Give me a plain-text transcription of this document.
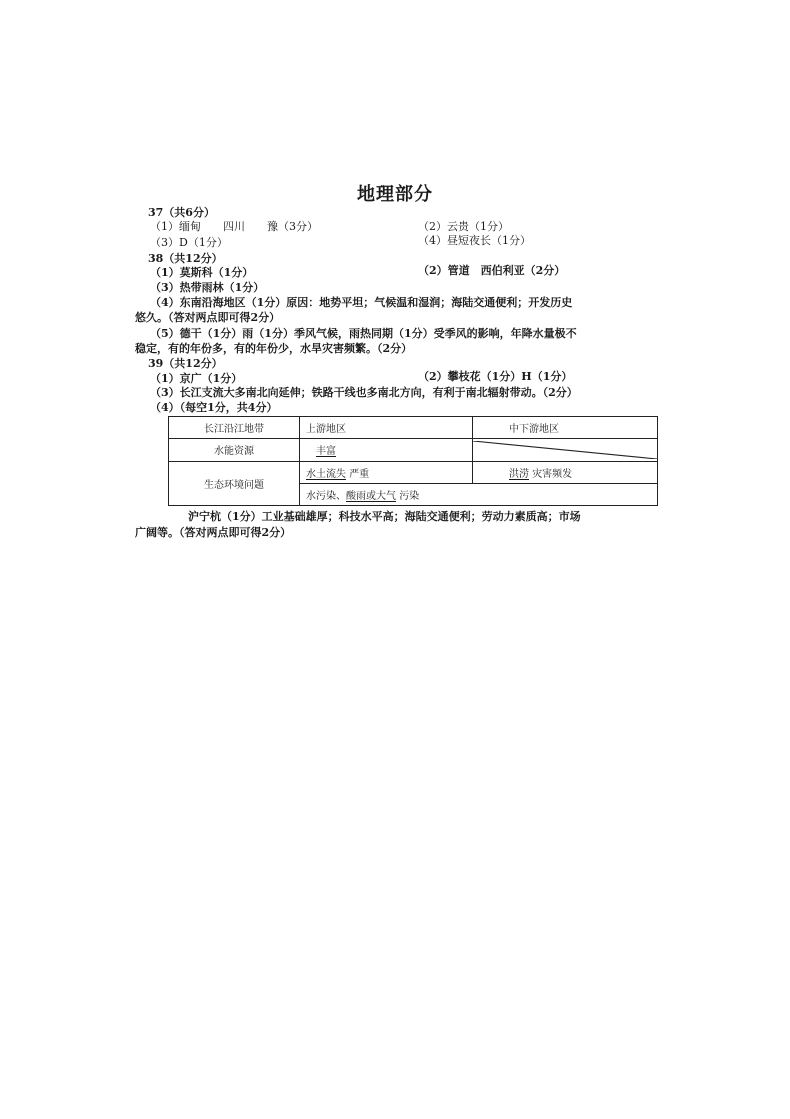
地理部分
37（共6分）
（1）缅甸　　四川　　豫（3分）	（2）云贵（1分）
（3）D（1分）	（4）昼短夜长（1分）
38（共12分）
（1）莫斯科（1分）	（2）管道　西伯利亚（2分）
（3）热带雨林（1分）
（4）东南沿海地区（1分）原因：地势平坦；气候温和湿润；海陆交通便利；开发历史
悠久。（答对两点即可得2分）
（5）德干（1分）雨（1分）季风气候，雨热同期（1分）受季风的影响，年降水量极不
稳定，有的年份多，有的年份少，水旱灾害频繁。（2分）
39（共12分）
（1）京广（1分）	（2）攀枝花（1分）H（1分）
（3）长江支流大多南北向延伸；铁路干线也多南北方向，有利于南北辐射带动。（2分）
（4）（每空1分，共4分）
长江沿江地带	上游地区	中下游地区
水能资源	丰富	

生态环境问题	水土流失 严重	洪涝 灾害频发
	水污染、酸雨或大气 污染	
沪宁杭（1分）工业基础雄厚；科技水平高；海陆交通便利；劳动力素质高；市场
广阔等。（答对两点即可得2分）
